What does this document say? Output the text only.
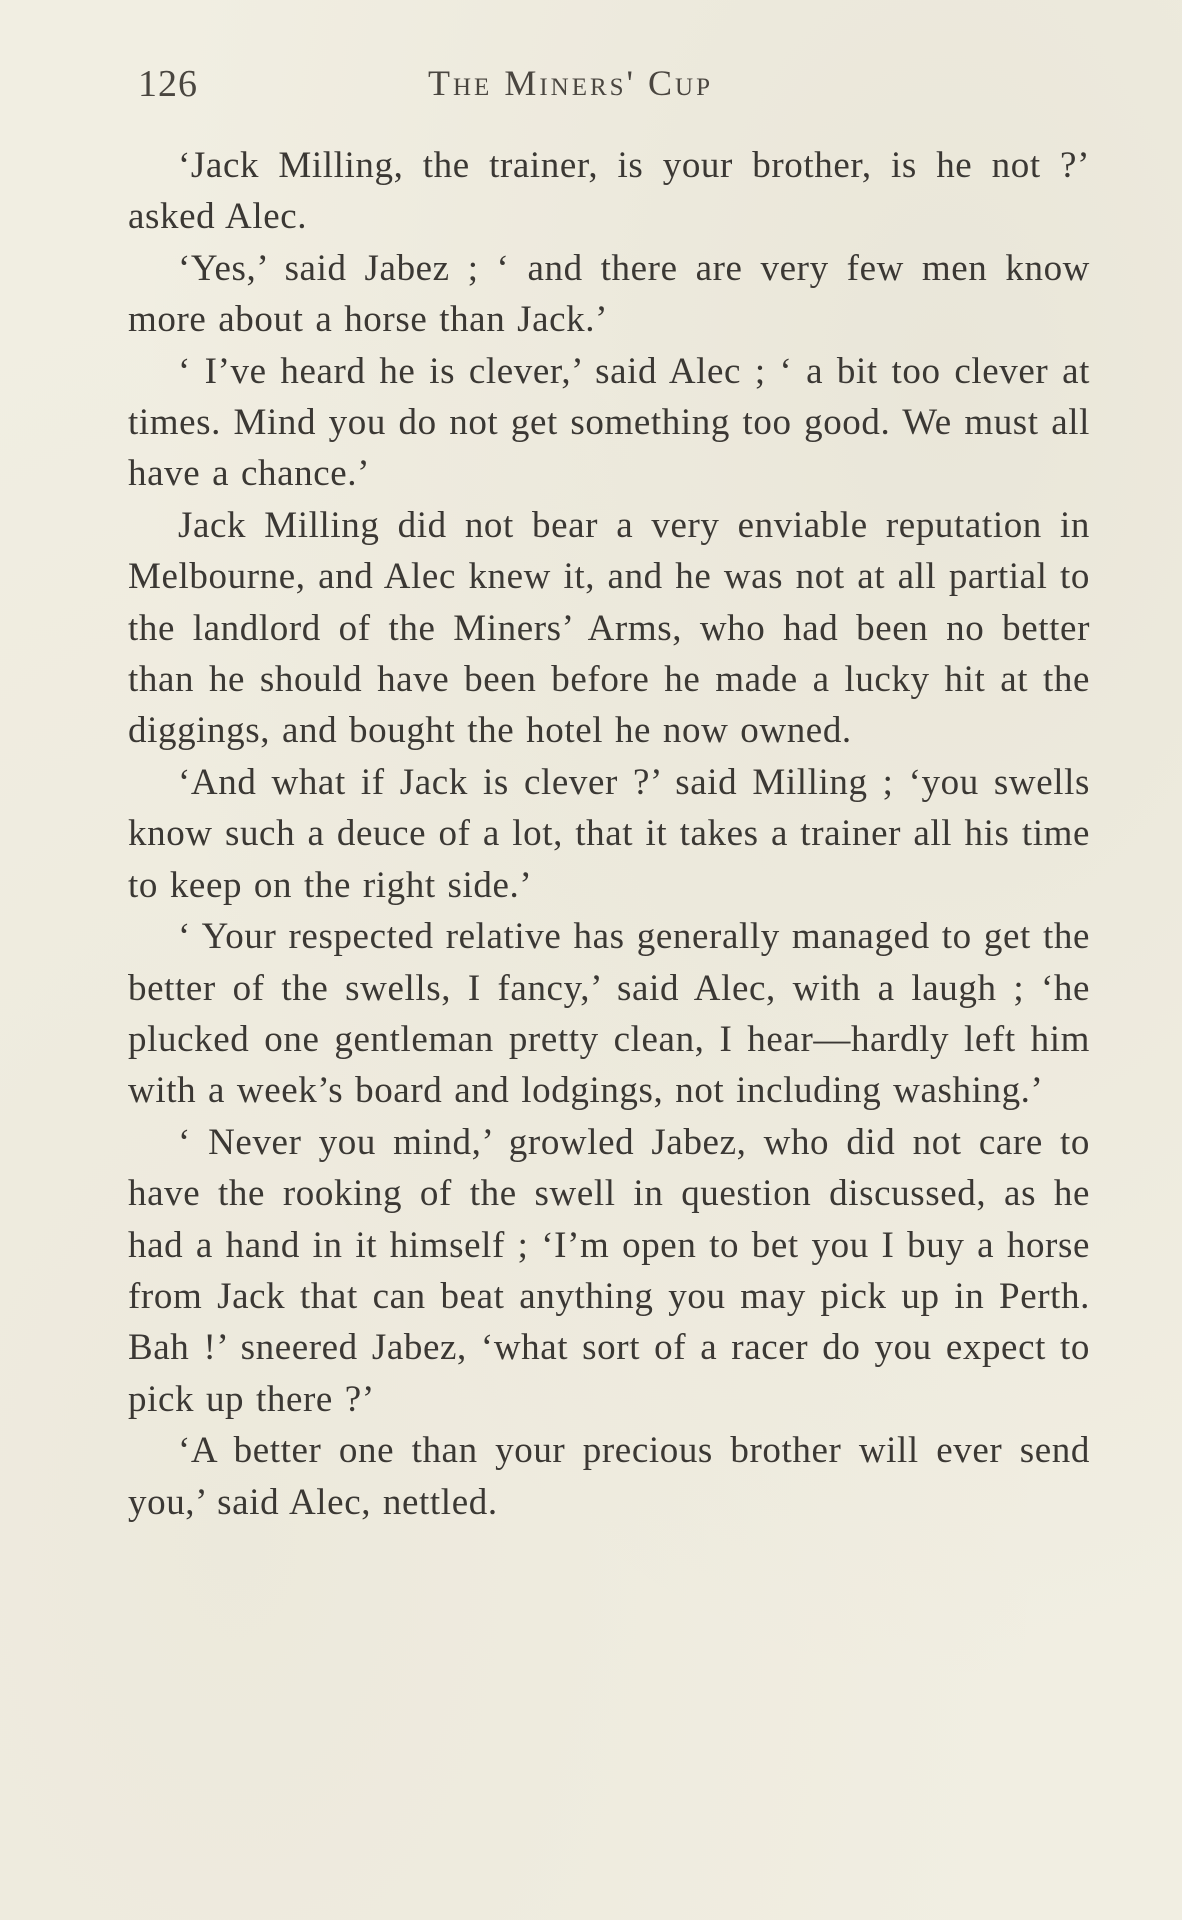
126	The Miners' Cup

‘Jack Milling, the trainer, is your brother, is he not ?’ asked Alec.

‘Yes,’ said Jabez ; ‘ and there are very few men know more about a horse than Jack.’

‘ I’ve heard he is clever,’ said Alec ; ‘ a bit too clever at times. Mind you do not get something too good. We must all have a chance.’

Jack Milling did not bear a very enviable reputation in Melbourne, and Alec knew it, and he was not at all partial to the landlord of the Miners’ Arms, who had been no better than he should have been before he made a lucky hit at the diggings, and bought the hotel he now owned.

‘And what if Jack is clever ?’ said Milling ; ‘you swells know such a deuce of a lot, that it takes a trainer all his time to keep on the right side.’

‘ Your respected relative has generally managed to get the better of the swells, I fancy,’ said Alec, with a laugh ; ‘he plucked one gentleman pretty clean, I hear—hardly left him with a week’s board and lodgings, not including washing.’

‘ Never you mind,’ growled Jabez, who did not care to have the rooking of the swell in question discussed, as he had a hand in it himself ; ‘I’m open to bet you I buy a horse from Jack that can beat anything you may pick up in Perth. Bah !’ sneered Jabez, ‘what sort of a racer do you expect to pick up there ?’

‘A better one than your precious brother will ever send you,’ said Alec, nettled.
